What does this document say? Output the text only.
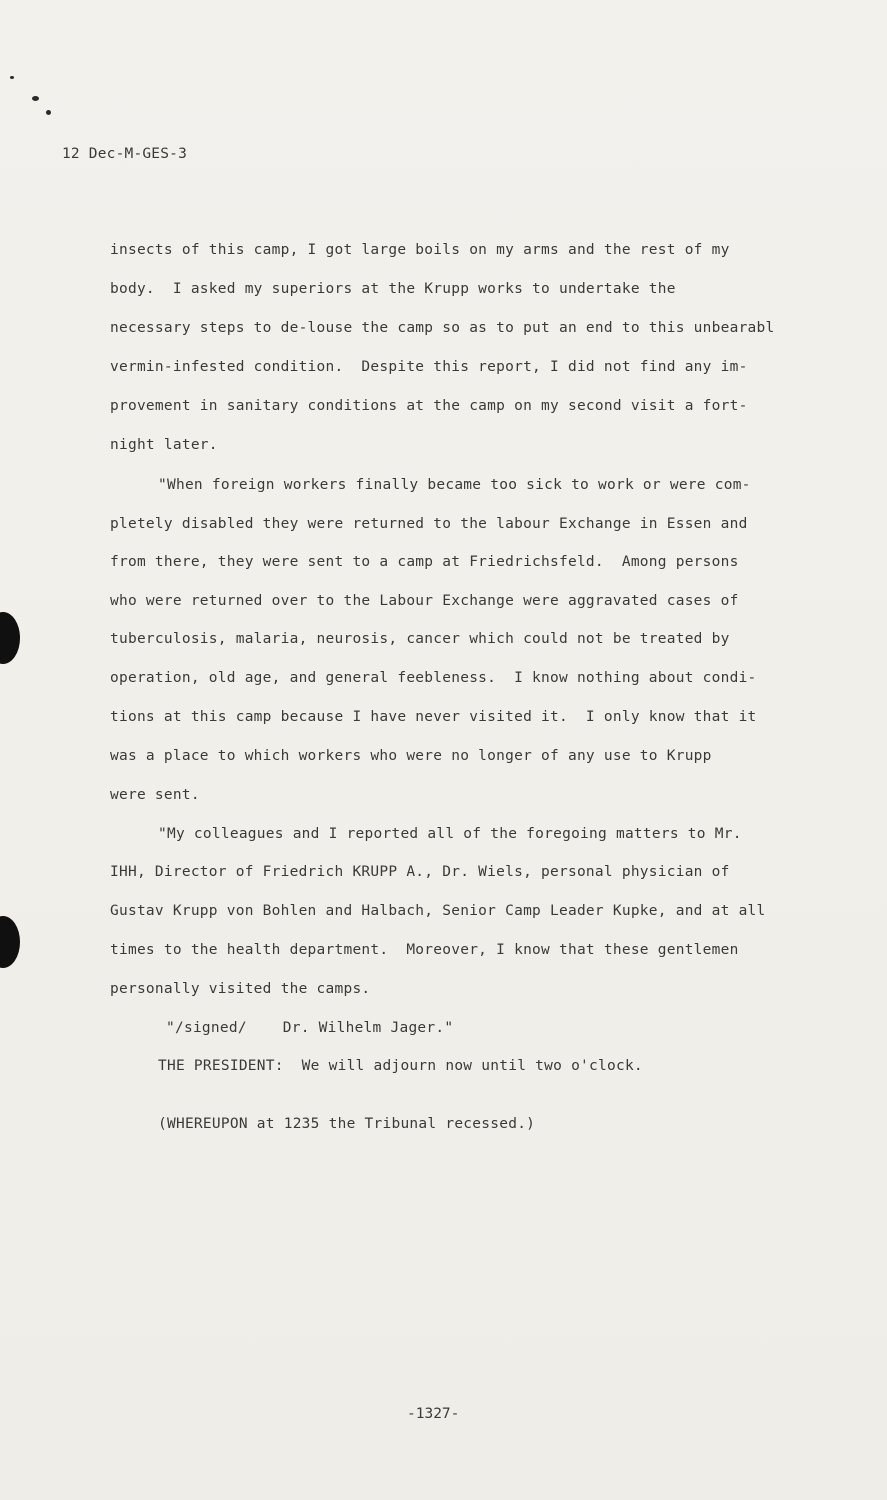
12 Dec-M-GES-3
insects of this camp, I got large boils on my arms and the rest of my
body.  I asked my superiors at the Krupp works to undertake the
necessary steps to de-louse the camp so as to put an end to this unbearabl
vermin-infested condition.  Despite this report, I did not find any im-
provement in sanitary conditions at the camp on my second visit a fort-
night later.
"When foreign workers finally became too sick to work or were com-
pletely disabled they were returned to the labour Exchange in Essen and
from there, they were sent to a camp at Friedrichsfeld.  Among persons
who were returned over to the Labour Exchange were aggravated cases of
tuberculosis, malaria, neurosis, cancer which could not be treated by
operation, old age, and general feebleness.  I know nothing about condi-
tions at this camp because I have never visited it.  I only know that it
was a place to which workers who were no longer of any use to Krupp
were sent.
"My colleagues and I reported all of the foregoing matters to Mr.
IHH, Director of Friedrich KRUPP A., Dr. Wiels, personal physician of
Gustav Krupp von Bohlen and Halbach, Senior Camp Leader Kupke, and at all
times to the health department.  Moreover, I know that these gentlemen
personally visited the camps.
"/signed/    Dr. Wilhelm Jager."
THE PRESIDENT:  We will adjourn now until two o'clock.
(WHEREUPON at 1235 the Tribunal recessed.)
-1327-
